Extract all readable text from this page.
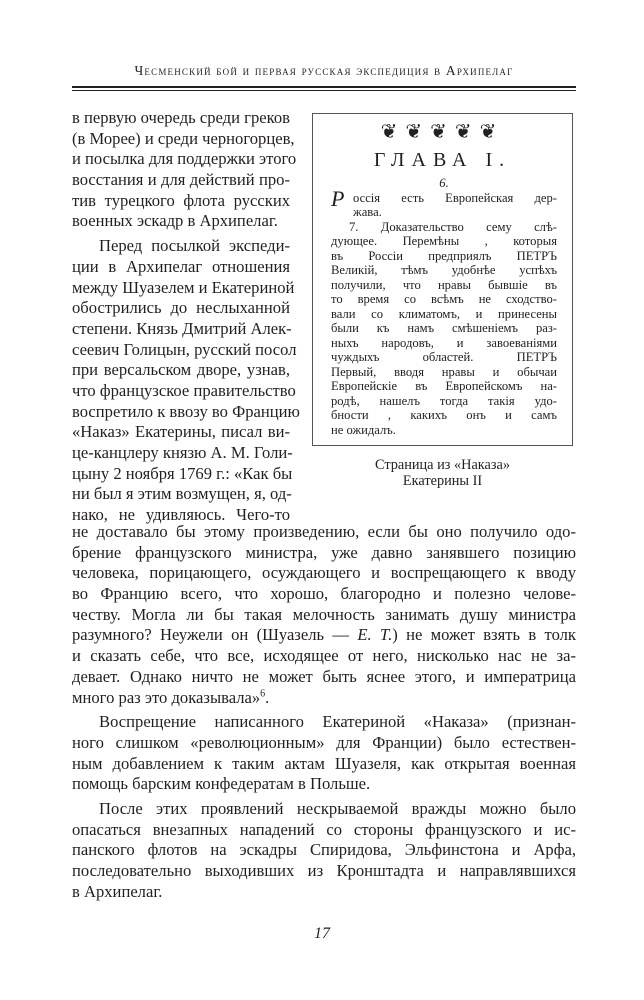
Чесменский бой и первая русская экспедиция в Архипелаг
в первую очередь среди греков
(в Морее) и среди черногорцев,
и посылка для поддержки этого
восстания и для действий про-
тив турецкого флота русских
военных эскадр в Архипелаг.
Перед посылкой экспеди-
ции в Архипелаг отношения
между Шуазелем и Екатериной
обострились до неслыханной
степени. Князь Дмитрий Алек-
сеевич Голицын, русский посол
при версальском дворе, узнав,
что французское правительство
воспретило к ввозу во Францию
«Наказ» Екатерины, писал ви-
це-канцлеру князю А. М. Голи-
цыну 2 ноября 1769 г.: «Как бы
ни был я этим возмущен, я, од-
нако, не удивляюсь. Чего-то
не доставало бы этому произведению, если бы оно получило одо-
брение французского министра, уже давно занявшего позицию
человека, порицающего, осуждающего и воспрещающего к вводу
во Францию всего, что хорошо, благородно и полезно челове-
честву. Могла ли бы такая мелочность занимать душу министра
разумного? Неужели он (Шуазель — Е. Т.) не может взять в толк
и сказать себе, что все, исходящее от него, нисколько нас не за-
девает. Однако ничто не может быть яснее этого, и императрица
много раз это доказывала»$^6$.
Воспрещение написанного Екатериной «Наказа» (признан-
ного слишком «революционным» для Франции) было естествен-
ным добавлением к таким актам Шуазеля, как открытая военная
помощь барским конфедератам в Польше.
После этих проявлений нескрываемой вражды можно было
опасаться внезапных нападений со стороны французского и ис-
панского флотов на эскадры Спиридова, Эльфинстона и Арфа,
последовательно выходивших из Кронштадта и направлявшихся
в Архипелаг.
❦❦❦❦❦
ГЛАВА I.
Р
6.
оссія есть Европейская дер-
жава.
7. Доказательство сему слѣ-
дующее. Перемѣны , которыя
въ Россіи предприялъ ПЕТРЪ
Великій, тѣмъ удобнѣе успѣхъ
получили, что нравы бывшіе въ
то время со всѣмъ не сходство-
вали со климатомъ, и принесены
были къ намъ смѣшеніемъ раз-
ныхъ народовъ, и завоеваніями
чуждыхъ областей. ПЕТРЪ
Первый, вводя нравы и обычаи
Европейскіе въ Европейскомъ на-
родѣ, нашелъ тогда такія удо-
бности , какихъ онъ и самъ
не ожидалъ.
Страница из «Наказа»
Екатерины II
17
